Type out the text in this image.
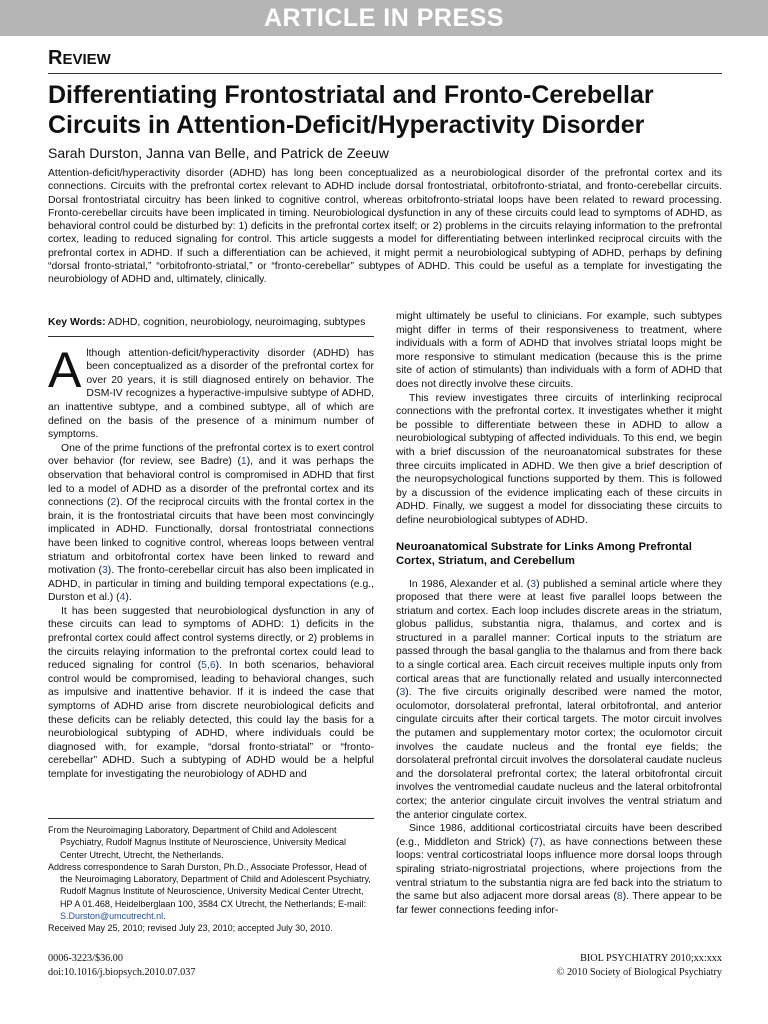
ARTICLE IN PRESS
REVIEW
Differentiating Frontostriatal and Fronto-Cerebellar Circuits in Attention-Deficit/Hyperactivity Disorder
Sarah Durston, Janna van Belle, and Patrick de Zeeuw

Attention-deficit/hyperactivity disorder (ADHD) has long been conceptualized as a neurobiological disorder of the prefrontal cortex and its connections. Circuits with the prefrontal cortex relevant to ADHD include dorsal frontostriatal, orbitofronto-striatal, and fronto-cerebellar circuits. Dorsal frontostriatal circuitry has been linked to cognitive control, whereas orbitofronto-striatal loops have been related to reward processing. Fronto-cerebellar circuits have been implicated in timing. Neurobiological dysfunction in any of these circuits could lead to symptoms of ADHD, as behavioral control could be disturbed by: 1) deficits in the prefrontal cortex itself; or 2) problems in the circuits relaying information to the prefrontal cortex, leading to reduced signaling for control. This article suggests a model for differentiating between interlinked reciprocal circuits with the prefrontal cortex in ADHD. If such a differentiation can be achieved, it might permit a neurobiological subtyping of ADHD, perhaps by defining “dorsal fronto-striatal,” “orbitofronto-striatal,” or “fronto-cerebellar” subtypes of ADHD. This could be useful as a template for investigating the neurobiology of ADHD and, ultimately, clinically.

Key Words: ADHD, cognition, neurobiology, neuroimaging, subtypes

Although attention-deficit/hyperactivity disorder (ADHD) has been conceptualized as a disorder of the prefrontal cortex for over 20 years, it is still diagnosed entirely on behavior. The DSM-IV recognizes a hyperactive-impulsive subtype of ADHD, an inattentive subtype, and a combined subtype, all of which are defined on the basis of the presence of a minimum number of symptoms.

One of the prime functions of the prefrontal cortex is to exert control over behavior (for review, see Badre) (1), and it was perhaps the observation that behavioral control is compromised in ADHD that first led to a model of ADHD as a disorder of the prefrontal cortex and its connections (2). Of the reciprocal circuits with the frontal cortex in the brain, it is the frontostriatal circuits that have been most convincingly implicated in ADHD. Functionally, dorsal frontostriatal connections have been linked to cognitive control, whereas loops between ventral striatum and orbitofrontal cortex have been linked to reward and motivation (3). The fronto-cerebellar circuit has also been implicated in ADHD, in particular in timing and building temporal expectations (e.g., Durston et al.) (4).

It has been suggested that neurobiological dysfunction in any of these circuits can lead to symptoms of ADHD: 1) deficits in the prefrontal cortex could affect control systems directly, or 2) problems in the circuits relaying information to the prefrontal cortex could lead to reduced signaling for control (5,6). In both scenarios, behavioral control would be compromised, leading to behavioral changes, such as impulsive and inattentive behavior. If it is indeed the case that symptoms of ADHD arise from discrete neurobiological deficits and these deficits can be reliably detected, this could lay the basis for a neurobiological subtyping of ADHD, where individuals could be diagnosed with, for example, “dorsal fronto-striatal” or “fronto-cerebellar” ADHD. Such a subtyping of ADHD would be a helpful template for investigating the neurobiology of ADHD and

From the Neuroimaging Laboratory, Department of Child and Adolescent Psychiatry, Rudolf Magnus Institute of Neuroscience, University Medical Center Utrecht, Utrecht, the Netherlands.

Address correspondence to Sarah Durston, Ph.D., Associate Professor, Head of the Neuroimaging Laboratory, Department of Child and Adolescent Psychiatry, Rudolf Magnus Institute of Neuroscience, University Medical Center Utrecht, HP A 01.468, Heidelberglaan 100, 3584 CX Utrecht, the Netherlands; E-mail: S.Durston@umcutrecht.nl.

Received May 25, 2010; revised July 23, 2010; accepted July 30, 2010.

might ultimately be useful to clinicians. For example, such subtypes might differ in terms of their responsiveness to treatment, where individuals with a form of ADHD that involves striatal loops might be more responsive to stimulant medication (because this is the prime site of action of stimulants) than individuals with a form of ADHD that does not directly involve these circuits.

This review investigates three circuits of interlinking reciprocal connections with the prefrontal cortex. It investigates whether it might be possible to differentiate between these in ADHD to allow a neurobiological subtyping of affected individuals. To this end, we begin with a brief discussion of the neuroanatomical substrates for these three circuits implicated in ADHD. We then give a brief description of the neuropsychological functions supported by them. This is followed by a discussion of the evidence implicating each of these circuits in ADHD. Finally, we suggest a model for dissociating these circuits to define neurobiological subtypes of ADHD.

Neuroanatomical Substrate for Links Among Prefrontal Cortex, Striatum, and Cerebellum

In 1986, Alexander et al. (3) published a seminal article where they proposed that there were at least five parallel loops between the striatum and cortex. Each loop includes discrete areas in the striatum, globus pallidus, substantia nigra, thalamus, and cortex and is structured in a parallel manner: Cortical inputs to the striatum are passed through the basal ganglia to the thalamus and from there back to a single cortical area. Each circuit receives multiple inputs only from cortical areas that are functionally related and usually interconnected (3). The five circuits originally described were named the motor, oculomotor, dorsolateral prefrontal, lateral orbitofrontal, and anterior cingulate circuits after their cortical targets. The motor circuit involves the putamen and supplementary motor cortex; the oculomotor circuit involves the caudate nucleus and the frontal eye fields; the dorsolateral prefrontal circuit involves the dorsolateral caudate nucleus and the dorsolateral prefrontal cortex; the lateral orbitofrontal circuit involves the ventromedial caudate nucleus and the lateral orbitofrontal cortex; the anterior cingulate circuit involves the ventral striatum and the anterior cingulate cortex.

Since 1986, additional corticostriatal circuits have been described (e.g., Middleton and Strick) (7), as have connections between these loops: ventral corticostriatal loops influence more dorsal loops through spiraling striato-nigrostriatal projections, where projections from the ventral striatum to the substantia nigra are fed back into the striatum to the same but also adjacent more dorsal areas (8). There appear to be far fewer connections feeding infor-

0006-3223/$36.00
doi:10.1016/j.biopsych.2010.07.037
BIOL PSYCHIATRY 2010;xx:xxx
© 2010 Society of Biological Psychiatry
